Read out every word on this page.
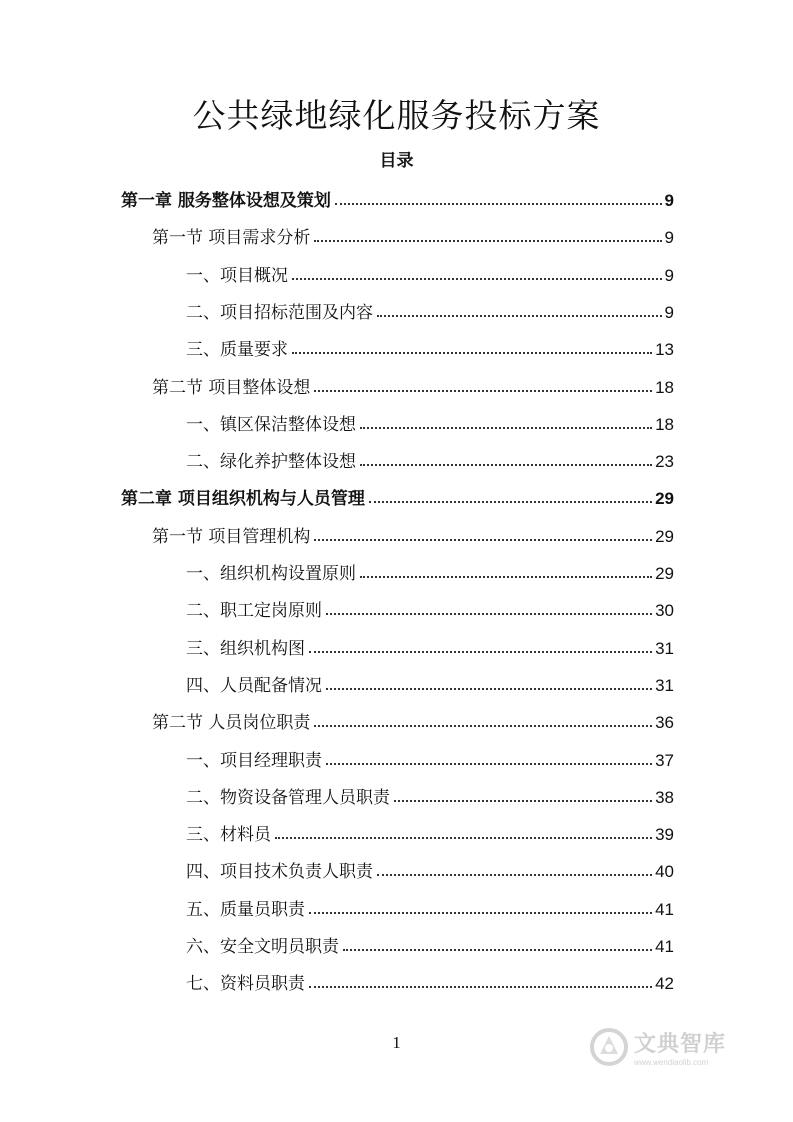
公共绿地绿化服务投标方案
目录
第一章 服务整体设想及策划	9
第一节 项目需求分析	9
一、项目概况	9
二、项目招标范围及内容	9
三、质量要求	13
第二节 项目整体设想	18
一、镇区保洁整体设想	18
二、绿化养护整体设想	23
第二章 项目组织机构与人员管理	29
第一节 项目管理机构	29
一、组织机构设置原则	29
二、职工定岗原则	30
三、组织机构图	31
四、人员配备情况	31
第二节 人员岗位职责	36
一、项目经理职责	37
二、物资设备管理人员职责	38
三、材料员	39
四、项目技术负责人职责	40
五、质量员职责	41
六、安全文明员职责	41
七、资料员职责	42
1	文典智库
www.wendiaolib.com
